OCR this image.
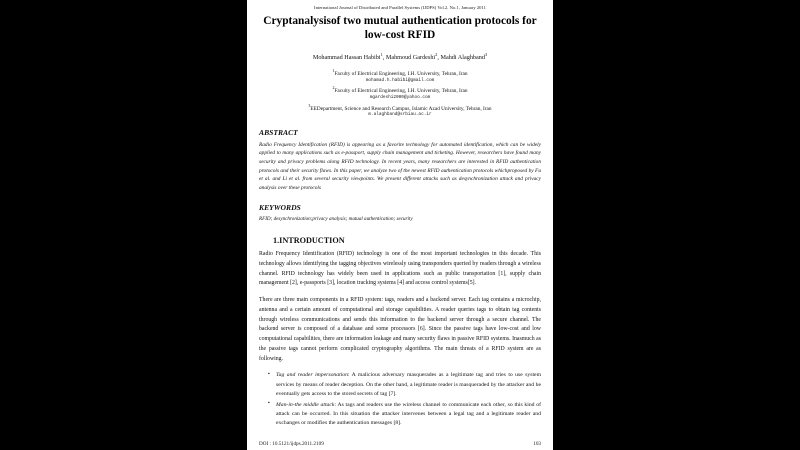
International Journal of Distributed and Parallel Systems (IJDPS) Vol.2, No.1, January 2011
Cryptanalysisof two mutual authentication protocols for low-cost RFID
Mohammad Hassan Habibi$^1$, Mahmoud Gardeshi$^2$, Mahdi Alaghband$^3$
$^1$Faculty of Electrical Engineering, I.H. University, Tehran, Iran
mohamad.h.habibi@gmail.com
$^2$Faculty of Electrical Engineering, I.H. University, Tehran, Iran
mgardeshi2000@yahoo.com
$^3$EEDepartment, Science and Research Campus, Islamic Azad University, Tehran, Iran
m.alaghband@srbiau.ac.ir
ABSTRACT

Radio Frequency Identification (RFID) is appearing as a favorite technology for automated identification, which can be widely applied to many applications such as e-passport, supply chain management and ticketing. However, researchers have found many security and privacy problems along RFID technology. In recent years, many researchers are interested in RFID authentication protocols and their security flaws. In this paper, we analyze two of the newest RFID authentication protocols whichproposed by Fu et al. and Li et al. from several security viewpoints. We present different attacks such as desynchronization attack and privacy analysis over these protocols

KEYWORDS

RFID; desynchronization;privacy analysis; mutual authentication; security

1.INTRODUCTION

Radio Frequency Identification (RFID) technology is one of the most important technologies in this decade. This technology allows identifying the tagging objectives wirelessly using transponders queried by readers through a wireless channel. RFID technology has widely been used in applications such as public transportation [1], supply chain management [2], e-passports [3], location tracking systems [4] and access control systems[5].

There are three main components in a RFID system: tags, readers and a backend server. Each tag contains a microchip, antenna and a certain amount of computational and storage capabilities. A reader queries tags to obtain tag contents through wireless communications and sends this information to the backend server through a secure channel. The backend server is composed of a database and some processors [6]. Since the passive tags have low-cost and low computational capabilities, there are information leakage and many security flaws in passive RFID systems. Inasmuch as the passive tags cannot perform complicated cryptography algorithms. The main threats of a RFID system are as following.

▪ Tag and reader impersonation: A malicious adversary masquerades as a legitimate tag and tries to use system services by means of reader deception. On the other hand, a legitimate reader is masqueraded by the attacker and he eventually gets access to the stored secrets of tag [7].
▪ Man-in-the middle attack: As tags and readers use the wireless channel to communicate each other, so this kind of attack can be occurred. In this situation the attacker intervenes between a legal tag and a legitimate reader and exchanges or modifies the authentication messages [8].
DOI : 10.5121/ijdps.2011.2109	103
